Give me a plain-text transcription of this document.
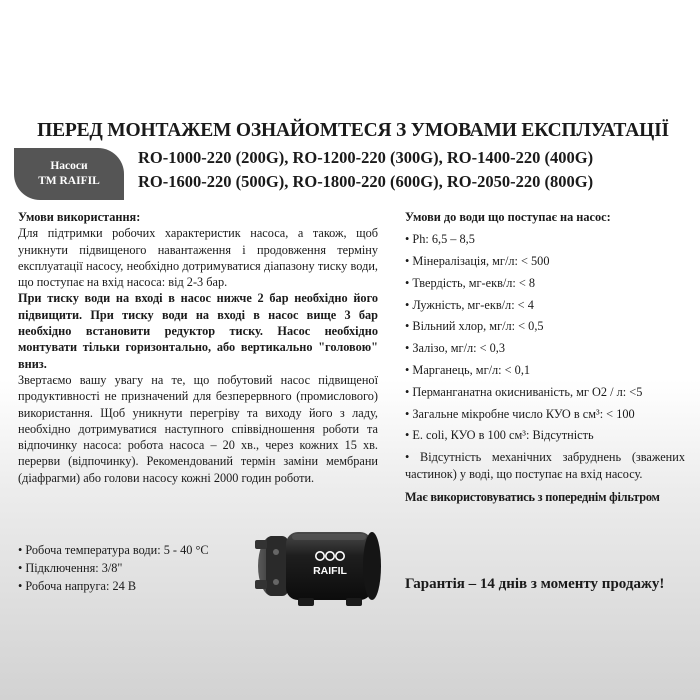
ПЕРЕД МОНТАЖЕМ ОЗНАЙОМТЕСЯ З УМОВАМИ ЕКСПЛУАТАЦІЇ
Насоси
ТМ RAIFIL
RO-1000-220 (200G), RO-1200-220 (300G), RO-1400-220 (400G)
RO-1600-220 (500G), RO-1800-220 (600G), RO-2050-220 (800G)

Умови використання:

Для підтримки робочих характеристик насоса, а також, щоб уникнути підвищеного навантаження і продовження терміну експлуатації насосу, необхідно дотримуватися діапазону тиску води, що поступає на вхід насоса: від 2-3 бар.

При тиску води на вході в насос нижче 2 бар необхідно його підвищити. При тиску води на вході в насос вище 3 бар необхідно встановити редуктор тиску. Насос необхідно монтувати тільки горизонтально, або вертикально "головою" вниз.

Звертаємо вашу увагу на те, що побутовий насос підвищеної продуктивності не призначений для безперервного (промислового) використання. Щоб уникнути перегріву та виходу його з ладу, необхідно дотримуватися наступного співвідношення роботи та відпочинку насоса: робота насоса – 20 хв., через кожних 15 хв. перерви (відпочинку). Рекомендований термін заміни мембрани (діафрагми) або голови насосу кожні 2000 годин роботи.

Умови до води що поступає на насос:
• Ph: 6,5 – 8,5
• Мінералізація, мг/л: < 500
• Твердість, мг-екв/л: < 8
• Лужність, мг-екв/л: < 4
• Вільний хлор, мг/л: < 0,5
• Залізо, мг/л: < 0,3
• Марганець, мг/л: < 0,1
• Перманганатна окисниваність, мг O2 / л: <5
• Загальне мікробне число КУО в см³: < 100
• E. coli, КУО в 100 см³: Відсутність
• Відсутність механічних забруднень (зважених частинок) у воді, що поступає на вхід насосу.
Має використовуватись з попереднім фільтром
• Робоча температура води: 5 - 40 °C
• Підключення: 3/8"
• Робоча напруга: 24 В
RAIFIL
Гарантія – 14 днів з моменту продажу!
